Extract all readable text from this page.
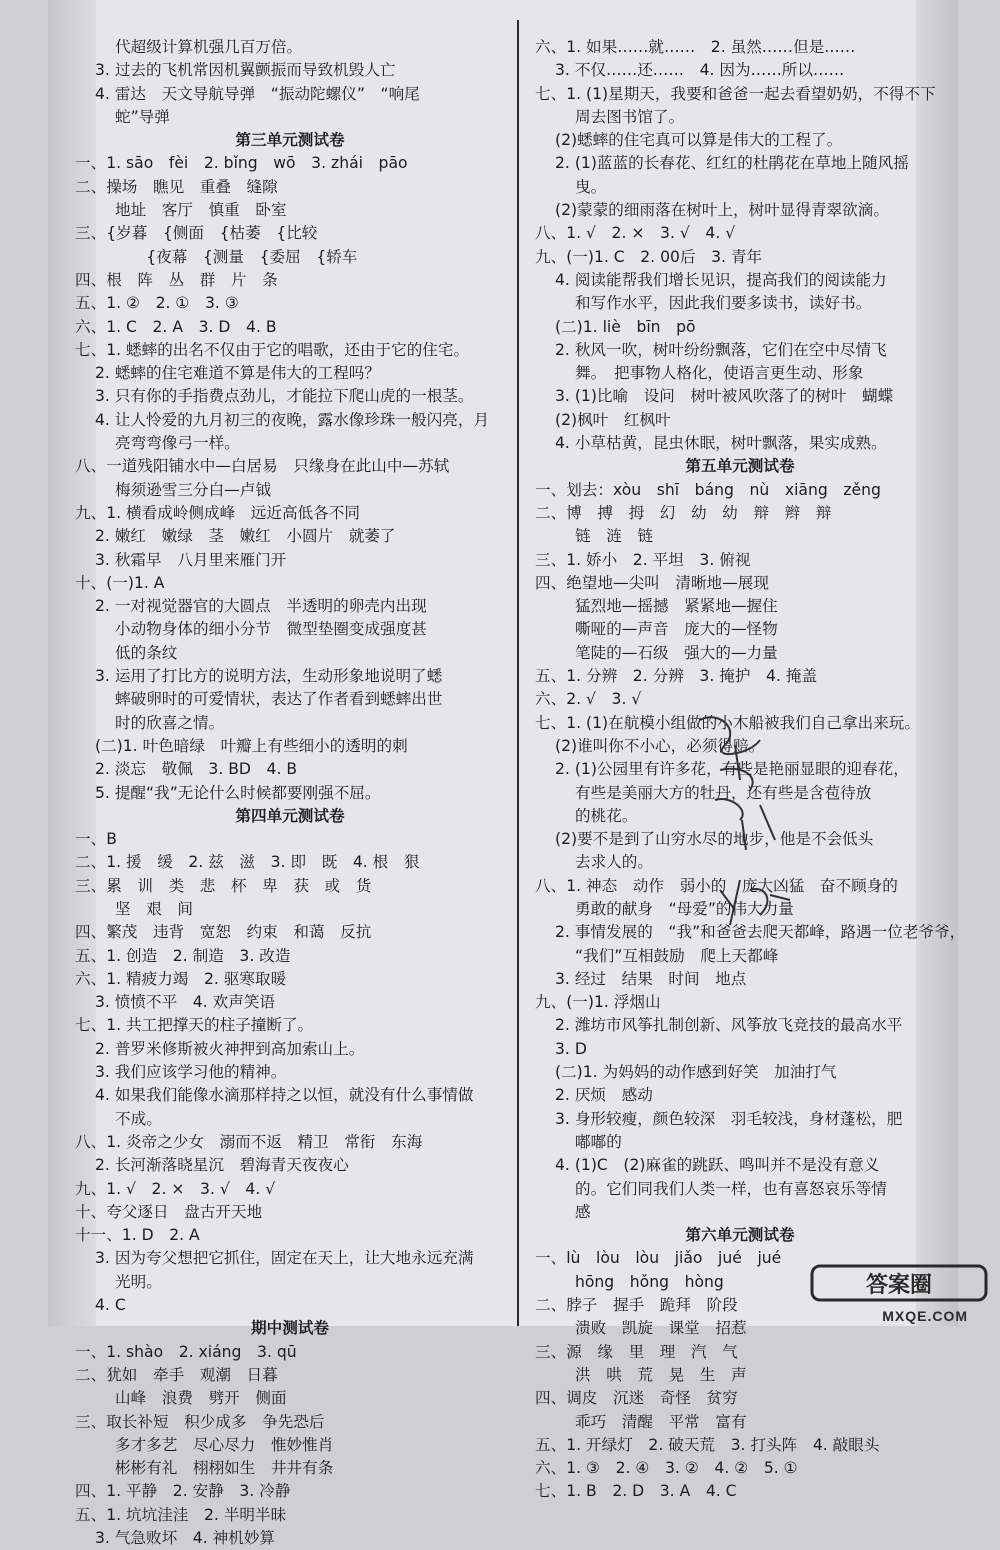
代超级计算机强几百万倍。
3. 过去的飞机常因机翼颤振而导致机毁人亡
4. 雷达　天文导航导弹　“振动陀螺仪”　“响尾
蛇”导弹
第三单元测试卷
一、1. sāo　fèi　2. bǐng　wō　3. zhái　pāo
二、操场　瞧见　重叠　缝隙
地址　客厅　慎重　卧室
三、{岁暮　{侧面　{枯萎　{比较
　　{夜幕　{测量　{委屈　{轿车
四、根　阵　丛　群　片　条
五、1. ②　2. ①　3. ③
六、1. C　2. A　3. D　4. B
七、1. 蟋蟀的出名不仅由于它的唱歌，还由于它的住宅。
2. 蟋蟀的住宅难道不算是伟大的工程吗？
3. 只有你的手指费点劲儿，才能拉下爬山虎的一根茎。
4. 让人怜爱的九月初三的夜晚，露水像珍珠一般闪亮，月
亮弯弯像弓一样。
八、一道残阳铺水中—白居易　只缘身在此山中—苏轼
梅须逊雪三分白—卢钺
九、1. 横看成岭侧成峰　远近高低各不同
2. 嫩红　嫩绿　茎　嫩红　小圆片　就萎了
3. 秋霜早　八月里来雁门开
十、(一)1. A
2. 一对视觉器官的大圆点　半透明的卵壳内出现
小动物身体的细小分节　微型垫圈变成强度甚
低的条纹
3. 运用了打比方的说明方法，生动形象地说明了蟋
蟀破卵时的可爱情状，表达了作者看到蟋蟀出世
时的欣喜之情。
(二)1. 叶色暗绿　叶瓣上有些细小的透明的刺
2. 淡忘　敬佩　3. BD　4. B
5. 提醒“我”无论什么时候都要刚强不屈。
第四单元测试卷
一、B
二、1. 援　缓　2. 兹　滋　3. 即　既　4. 根　狠
三、累　训　类　悲　杯　卑　获　或　货
坚　艰　间
四、繁茂　违背　宽恕　约束　和蔼　反抗
五、1. 创造　2. 制造　3. 改造
六、1. 精疲力竭　2. 驱寒取暖
3. 愤愤不平　4. 欢声笑语
七、1. 共工把撑天的柱子撞断了。
2. 普罗米修斯被火神押到高加索山上。
3. 我们应该学习他的精神。
4. 如果我们能像水滴那样持之以恒，就没有什么事情做
不成。
八、1. 炎帝之少女　溺而不返　精卫　常衔　东海
2. 长河渐落晓星沉　碧海青天夜夜心
九、1. √　2. ×　3. √　4. √
十、夸父逐日　盘古开天地
十一、1. D　2. A
3. 因为夸父想把它抓住，固定在天上，让大地永远充满
光明。
4. C
期中测试卷
一、1. shào　2. xiáng　3. qū
二、犹如　牵手　观潮　日暮
山峰　浪费　劈开　侧面
三、取长补短　积少成多　争先恐后
多才多艺　尽心尽力　惟妙惟肖
彬彬有礼　栩栩如生　井井有条
四、1. 平静　2. 安静　3. 冷静
五、1. 坑坑洼洼　2. 半明半昧
3. 气急败坏　4. 神机妙算
六、1. 如果……就……　2. 虽然……但是……
3. 不仅……还……　4. 因为……所以……
七、1. (1)星期天，我要和爸爸一起去看望奶奶，不得不下
周去图书馆了。
(2)蟋蟀的住宅真可以算是伟大的工程了。
2. (1)蓝蓝的长春花、红红的杜鹃花在草地上随风摇
曳。
(2)蒙蒙的细雨落在树叶上，树叶显得青翠欲滴。
八、1. √　2. ×　3. √　4. √
九、(一)1. C　2. 00后　3. 青年
4. 阅读能帮我们增长见识，提高我们的阅读能力
和写作水平，因此我们要多读书，读好书。
(二)1. liè　bīn　pō
2. 秋风一吹，树叶纷纷飘落，它们在空中尽情飞
舞。　把事物人格化，使语言更生动、形象
3. (1)比喻　设问　树叶被风吹落了的树叶　蝴蝶
(2)枫叶　红枫叶
4. 小草枯黄，昆虫休眠，树叶飘落，果实成熟。
第五单元测试卷
一、划去：xòu　shī　báng　nù　xiāng　zěng
二、博　搏　拇　幻　幼　幼　辩　辫　辩
链　涟　链
三、1. 娇小　2. 平坦　3. 俯视
四、绝望地—尖叫　清晰地—展现
猛烈地—摇撼　紧紧地—握住
嘶哑的—声音　庞大的—怪物
笔陡的—石级　强大的—力量
五、1. 分辨　2. 分辨　3. 掩护　4. 掩盖
六、2. √　3. √
七、1. (1)在航模小组做的小木船被我们自己拿出来玩。
(2)谁叫你不小心，必须得赔。
2. (1)公园里有许多花，有些是艳丽显眼的迎春花，
有些是美丽大方的牡丹，还有些是含苞待放
的桃花。
(2)要不是到了山穷水尽的地步，他是不会低头
去求人的。
八、1. 神态　动作　弱小的　庞大凶猛　奋不顾身的
勇敢的献身　“母爱”的伟大力量
2. 事情发展的　“我”和爸爸去爬天都峰，路遇一位老爷爷，
“我们”互相鼓励　爬上天都峰
3. 经过　结果　时间　地点
九、(一)1. 浮烟山
2. 潍坊市风筝扎制创新、风筝放飞竞技的最高水平
3. D
(二)1. 为妈妈的动作感到好笑　加油打气
2. 厌烦　感动
3. 身形较瘦，颜色较深　羽毛较浅，身材蓬松，肥
嘟嘟的
4. (1)C　(2)麻雀的跳跃、鸣叫并不是没有意义
的。它们同我们人类一样，也有喜怒哀乐等情
感
第六单元测试卷
一、lù　lòu　lòu　jiǎo　jué　jué
hōng　hǒng　hòng
二、脖子　握手　跪拜　阶段
溃败　凯旋　课堂　招惹
三、源　缘　里　理　汽　气
洪　哄　荒　晃　生　声
四、调皮　沉迷　奇怪　贫穷
乖巧　清醒　平常　富有
五、1. 开绿灯　2. 破天荒　3. 打头阵　4. 敲眼头
六、1. ③　2. ④　3. ②　4. ②　5. ①
七、1. B　2. D　3. A　4. C
答案圈
MXQE.COM
